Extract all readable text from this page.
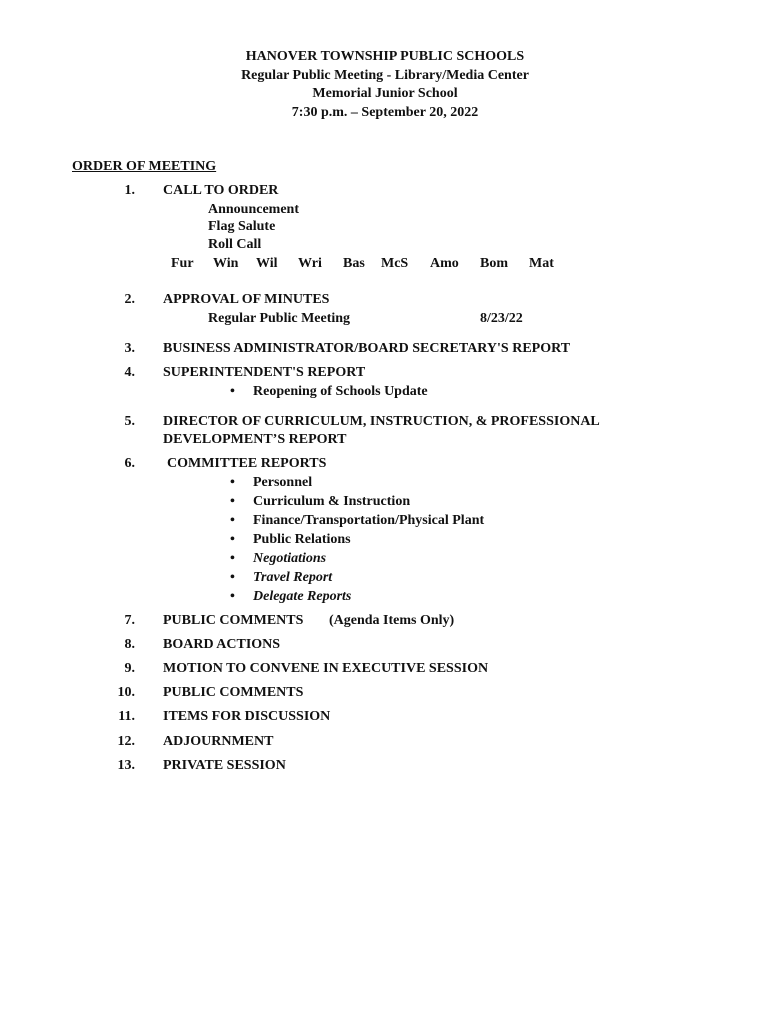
HANOVER TOWNSHIP PUBLIC SCHOOLS
Regular Public Meeting - Library/Media Center
Memorial Junior School
7:30 p.m. – September 20, 2022
ORDER OF MEETING
1. CALL TO ORDER
Announcement
Flag Salute
Roll Call
Fur Win Wil Wri Bas McS Amo Bom Mat
2. APPROVAL OF MINUTES
Regular Public Meeting	8/23/22
3. BUSINESS ADMINISTRATOR/BOARD SECRETARY'S REPORT
4. SUPERINTENDENT'S REPORT
• Reopening of Schools Update
5. DIRECTOR OF CURRICULUM, INSTRUCTION, & PROFESSIONAL
DEVELOPMENT’S REPORT
6. COMMITTEE REPORTS
• Personnel
• Curriculum & Instruction
• Finance/Transportation/Physical Plant
• Public Relations
• Negotiations
• Travel Report
• Delegate Reports
7. PUBLIC COMMENTS (Agenda Items Only)
8. BOARD ACTIONS
9. MOTION TO CONVENE IN EXECUTIVE SESSION
10. PUBLIC COMMENTS
11. ITEMS FOR DISCUSSION
12. ADJOURNMENT
13. PRIVATE SESSION
